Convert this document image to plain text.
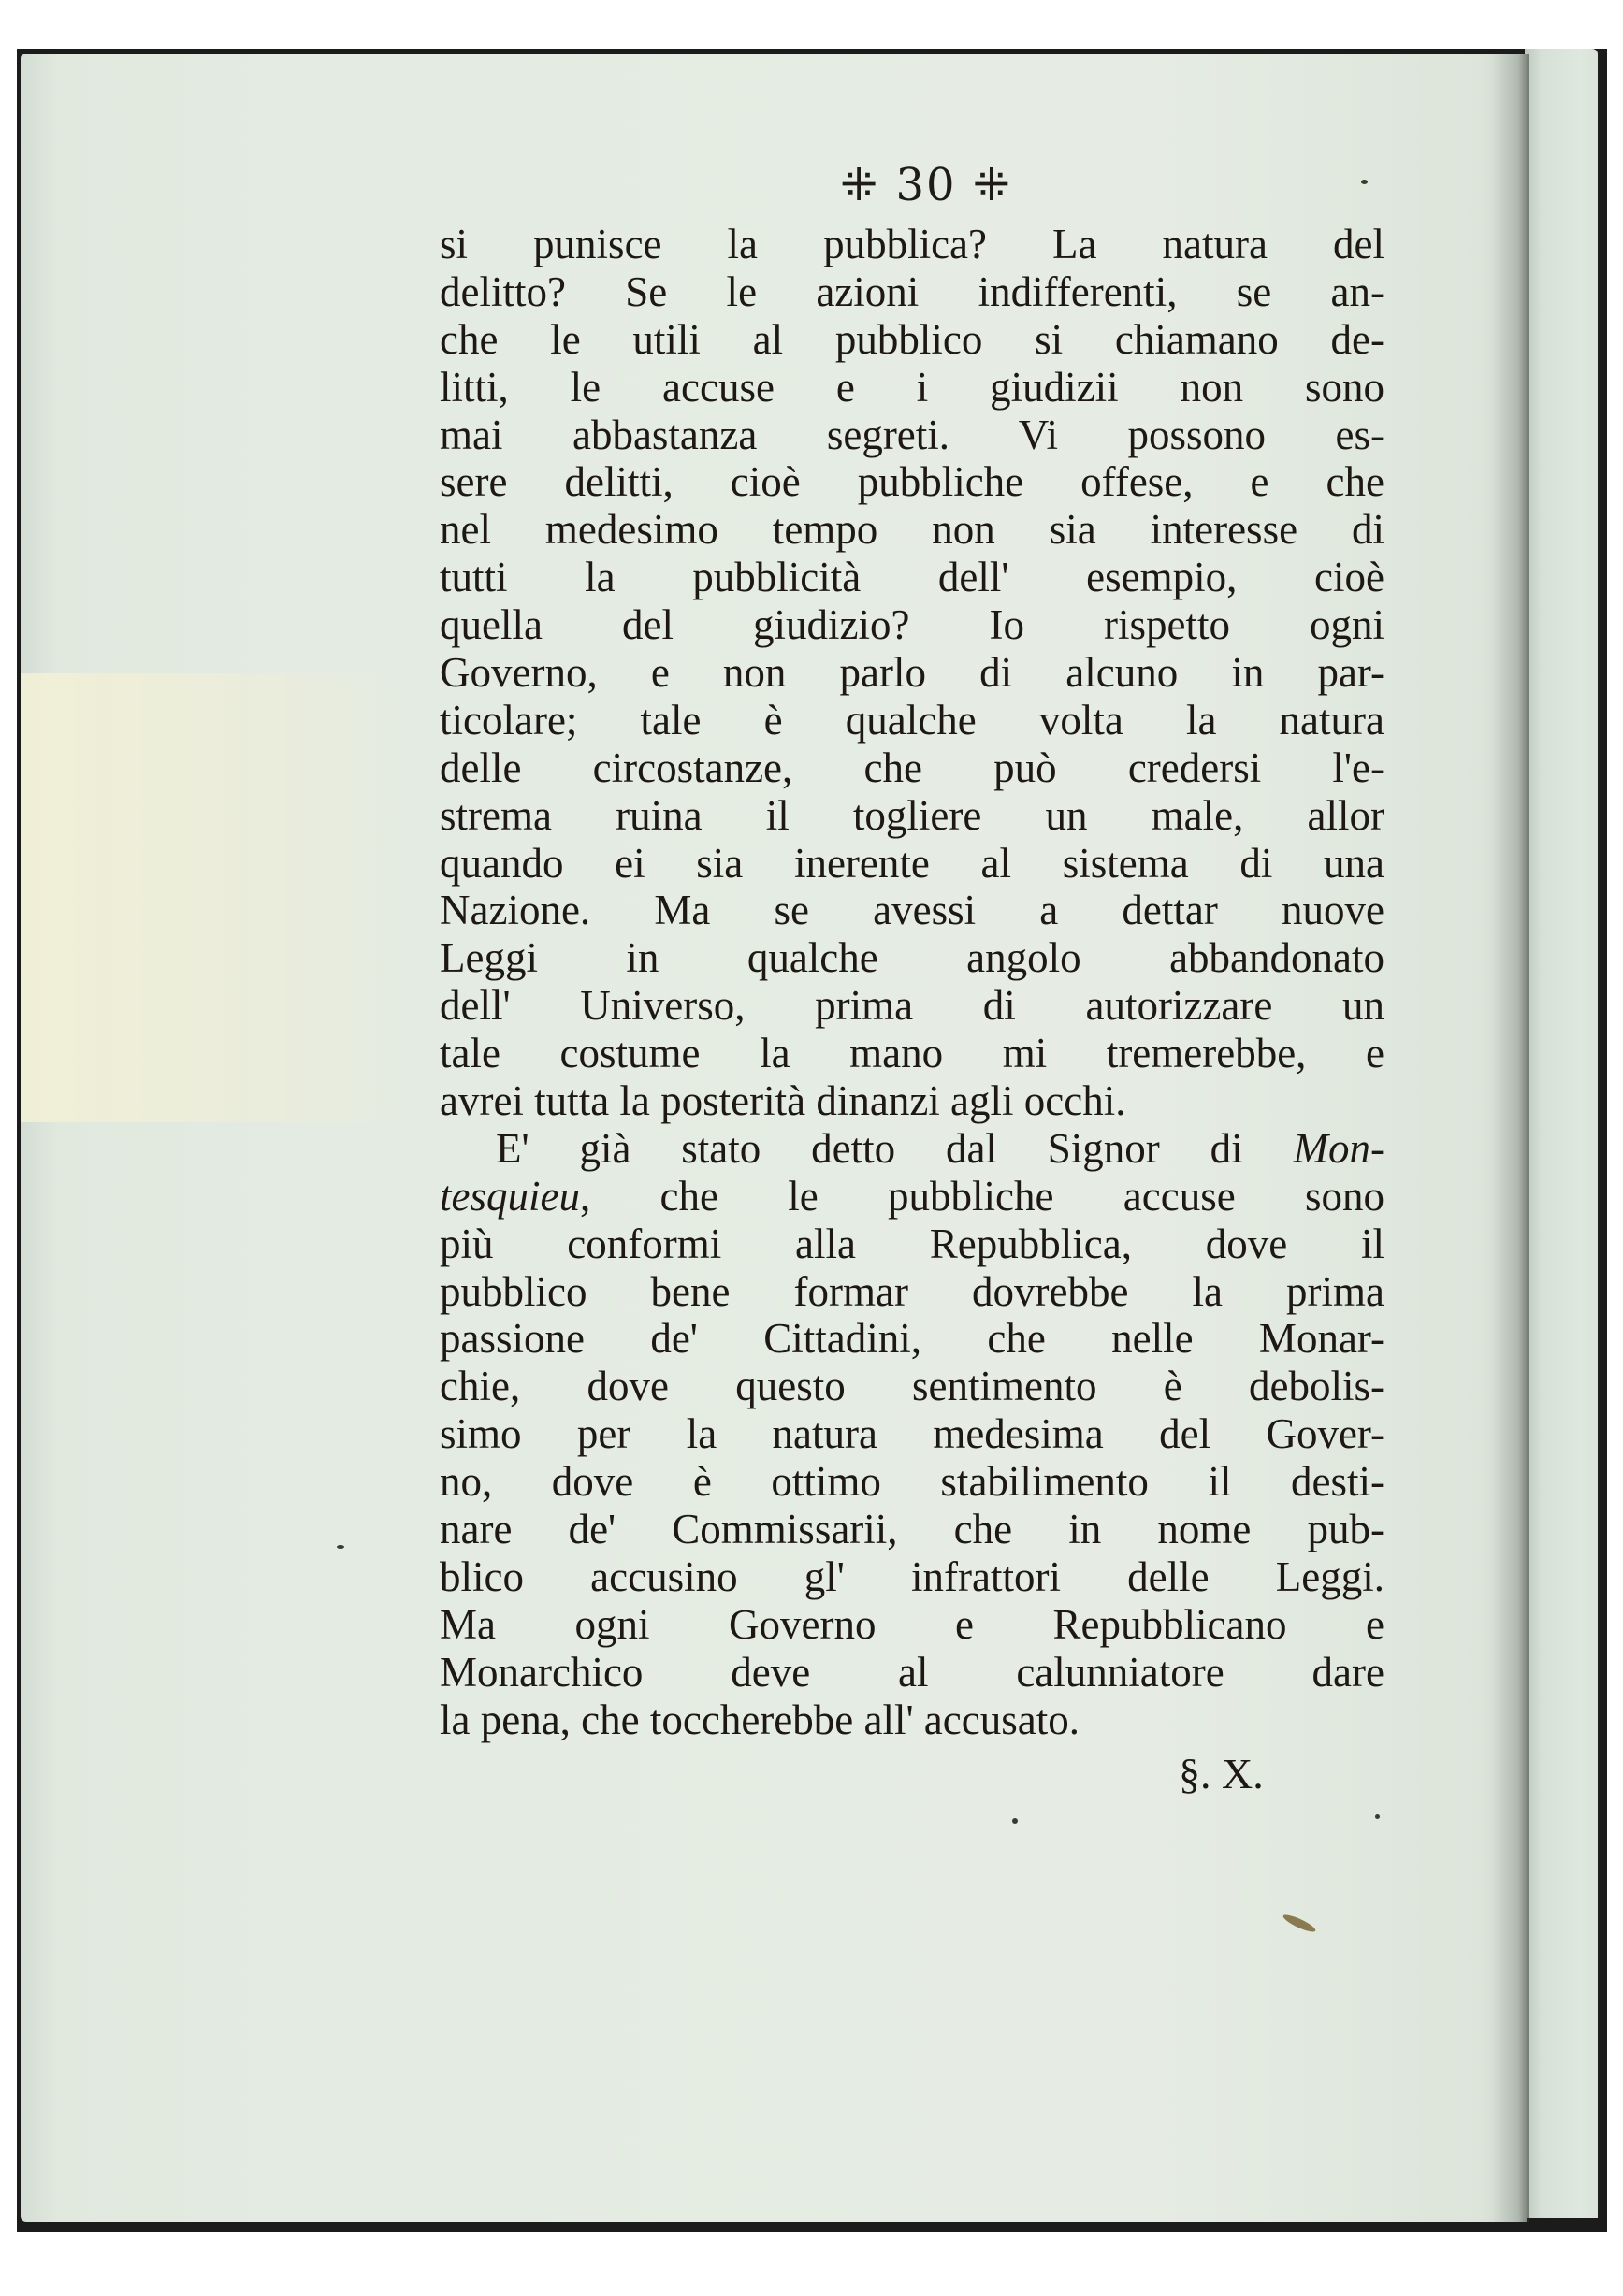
⁜ 30 ⁜
si punisce la pubblica? La natura del
delitto? Se le azioni indifferenti, se an-
che le utili al pubblico si chiamano de-
litti, le accuse e i giudizii non sono
mai abbastanza segreti. Vi possono es-
sere delitti, cioè pubbliche offese, e che
nel medesimo tempo non sia interesse di
tutti la pubblicità dell' esempio, cioè
quella del giudizio? Io rispetto ogni
Governo, e non parlo di alcuno in par-
ticolare; tale è qualche volta la natura
delle circostanze, che può credersi l'e-
strema ruina il togliere un male, allor
quando ei sia inerente al sistema di una
Nazione. Ma se avessi a dettar nuove
Leggi in qualche angolo abbandonato
dell' Universo, prima di autorizzare un
tale costume la mano mi tremerebbe, e
avrei tutta la posterità dinanzi agli occhi.
E' già stato detto dal Signor di Mon-
tesquieu, che le pubbliche accuse sono
più conformi alla Repubblica, dove il
pubblico bene formar dovrebbe la prima
passione de' Cittadini, che nelle Monar-
chie, dove questo sentimento è debolis-
simo per la natura medesima del Gover-
no, dove è ottimo stabilimento il desti-
nare de' Commissarii, che in nome pub-
blico accusino gl' infrattori delle Leggi.
Ma ogni Governo e Repubblicano e
Monarchico deve al calunniatore dare
la pena, che toccherebbe all' accusato.
§. X.
